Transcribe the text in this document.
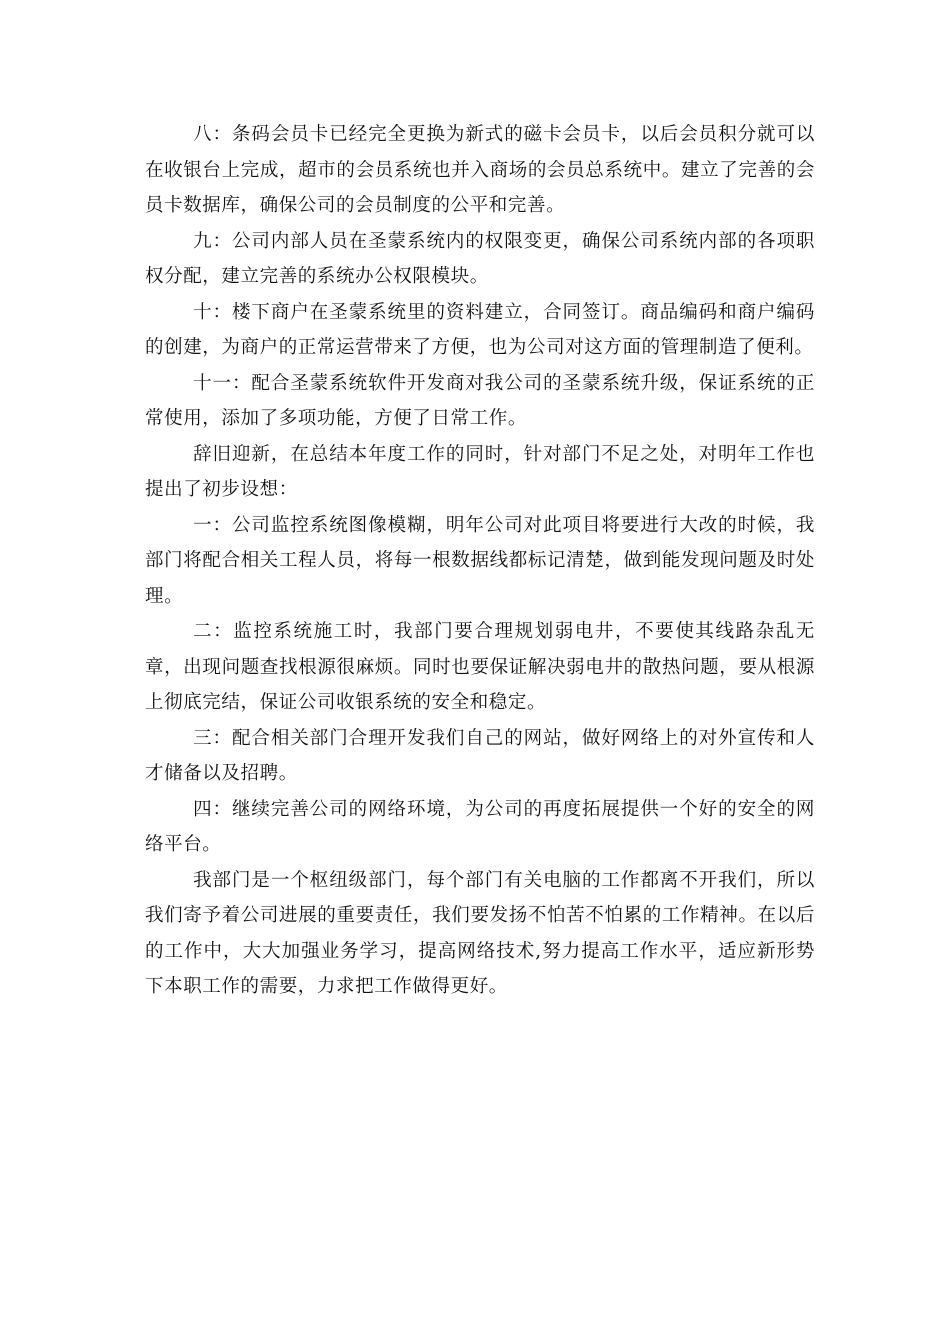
八：条码会员卡已经完全更换为新式的磁卡会员卡，以后会员积分就可以在收银台上完成，超市的会员系统也并入商场的会员总系统中。建立了完善的会员卡数据库，确保公司的会员制度的公平和完善。

九：公司内部人员在圣蒙系统内的权限变更，确保公司系统内部的各项职权分配，建立完善的系统办公权限模块。

十：楼下商户在圣蒙系统里的资料建立，合同签订。商品编码和商户编码的创建，为商户的正常运营带来了方便，也为公司对这方面的管理制造了便利。

十一：配合圣蒙系统软件开发商对我公司的圣蒙系统升级，保证系统的正常使用，添加了多项功能，方便了日常工作。

辞旧迎新，在总结本年度工作的同时，针对部门不足之处，对明年工作也提出了初步设想：

一：公司监控系统图像模糊，明年公司对此项目将要进行大改的时候，我部门将配合相关工程人员，将每一根数据线都标记清楚，做到能发现问题及时处理。

二：监控系统施工时，我部门要合理规划弱电井，不要使其线路杂乱无章，出现问题查找根源很麻烦。同时也要保证解决弱电井的散热问题，要从根源上彻底完结，保证公司收银系统的安全和稳定。

三：配合相关部门合理开发我们自己的网站，做好网络上的对外宣传和人才储备以及招聘。

四：继续完善公司的网络环境，为公司的再度拓展提供一个好的安全的网络平台。

我部门是一个枢纽级部门，每个部门有关电脑的工作都离不开我们，所以我们寄予着公司进展的重要责任，我们要发扬不怕苦不怕累的工作精神。在以后的工作中，大大加强业务学习，提高网络技术,努力提高工作水平，适应新形势下本职工作的需要，力求把工作做得更好。
